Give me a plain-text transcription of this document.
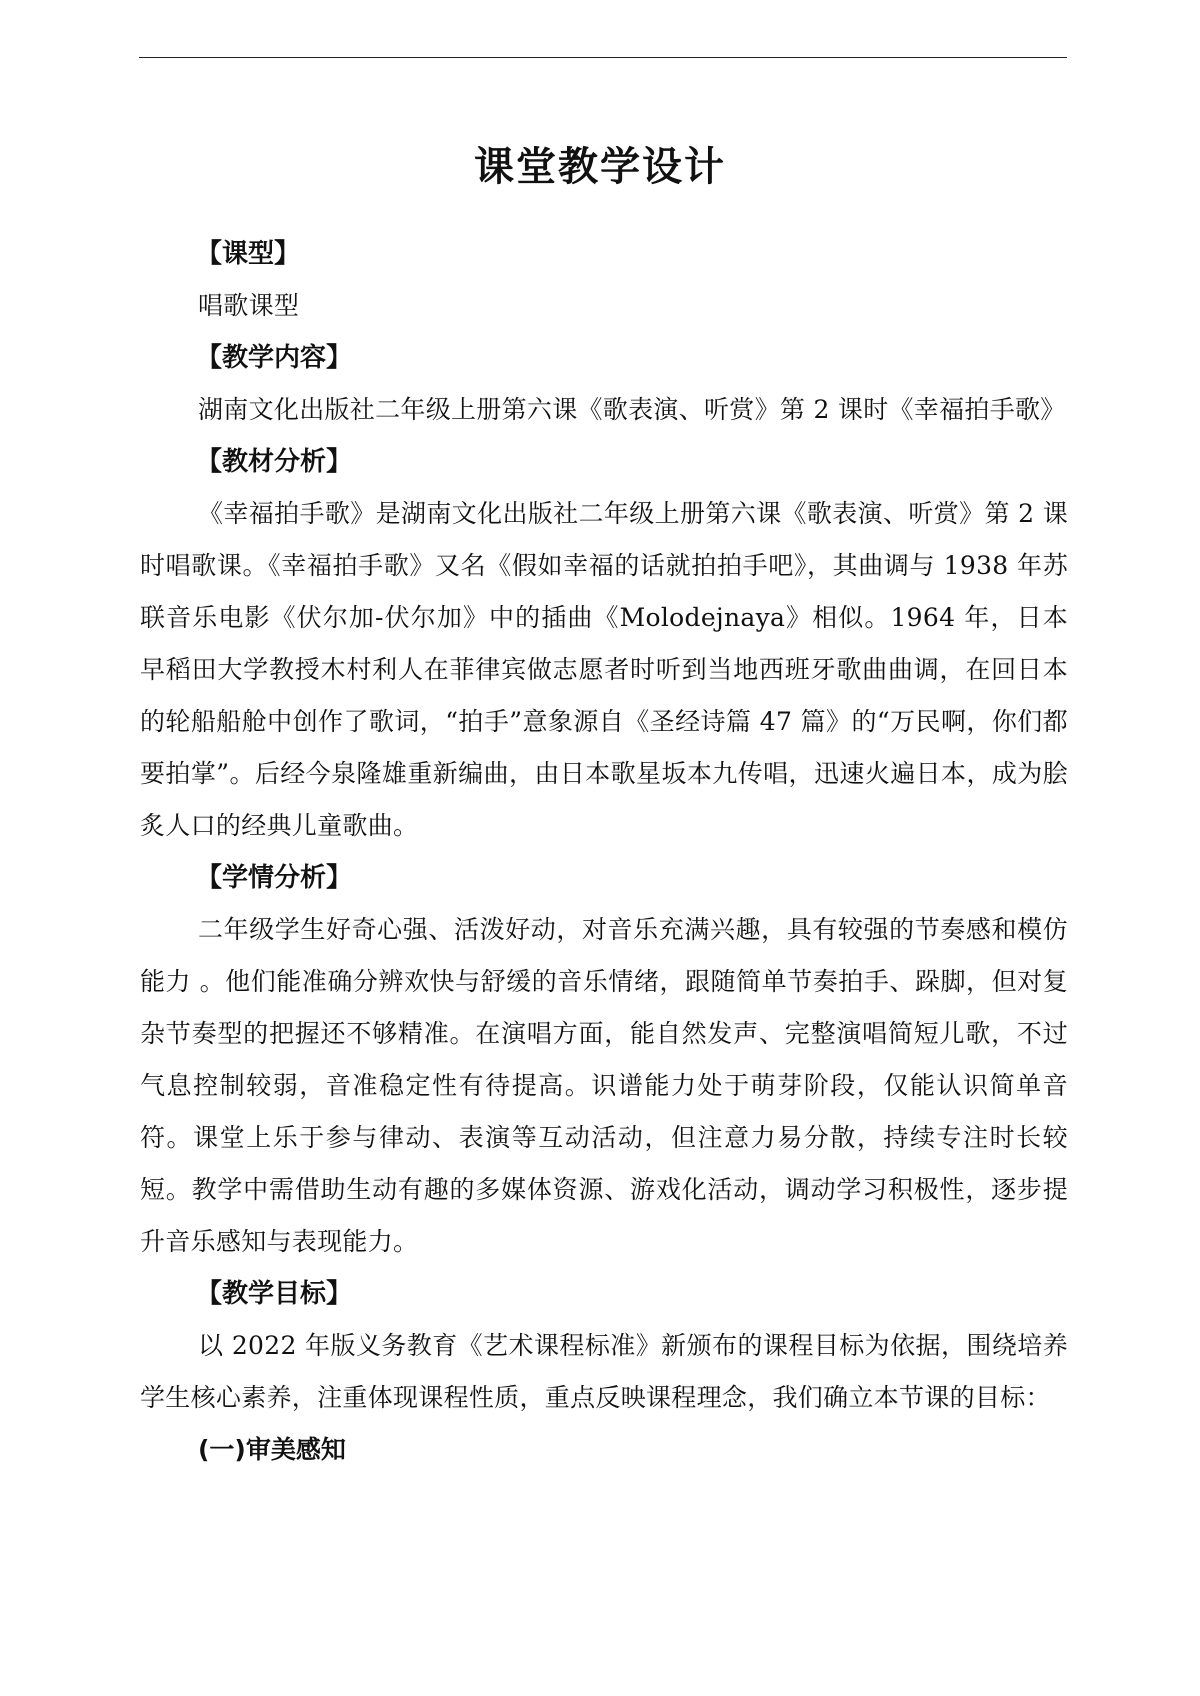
课堂教学设计

【课型】

唱歌课型

【教学内容】

湖南文化出版社二年级上册第六课《歌表演、听赏》第 2 课时《幸福拍手歌》

【教材分析】

《幸福拍手歌》是湖南文化出版社二年级上册第六课《歌表演、听赏》第 2 课时唱歌课。《幸福拍手歌》又名《假如幸福的话就拍拍手吧》，其曲调与 1938 年苏联音乐电影《伏尔加-伏尔加》中的插曲《Molodejnaya》相似。1964 年，日本早稻田大学教授木村利人在菲律宾做志愿者时听到当地西班牙歌曲曲调，在回日本的轮船船舱中创作了歌词，“拍手”意象源自《圣经诗篇 47 篇》的“万民啊，你们都要拍掌”。后经今泉隆雄重新编曲，由日本歌星坂本九传唱，迅速火遍日本，成为脍炙人口的经典儿童歌曲。

【学情分析】

二年级学生好奇心强、活泼好动，对音乐充满兴趣，具有较强的节奏感和模仿能力 。他们能准确分辨欢快与舒缓的音乐情绪，跟随简单节奏拍手、跺脚，但对复杂节奏型的把握还不够精准。在演唱方面，能自然发声、完整演唱简短儿歌，不过气息控制较弱，音准稳定性有待提高。识谱能力处于萌芽阶段，仅能认识简单音符。课堂上乐于参与律动、表演等互动活动，但注意力易分散，持续专注时长较短。教学中需借助生动有趣的多媒体资源、游戏化活动，调动学习积极性，逐步提升音乐感知与表现能力。

【教学目标】

以 2022 年版义务教育《艺术课程标准》新颁布的课程目标为依据，围绕培养学生核心素养，注重体现课程性质，重点反映课程理念，我们确立本节课的目标：

(一)审美感知
